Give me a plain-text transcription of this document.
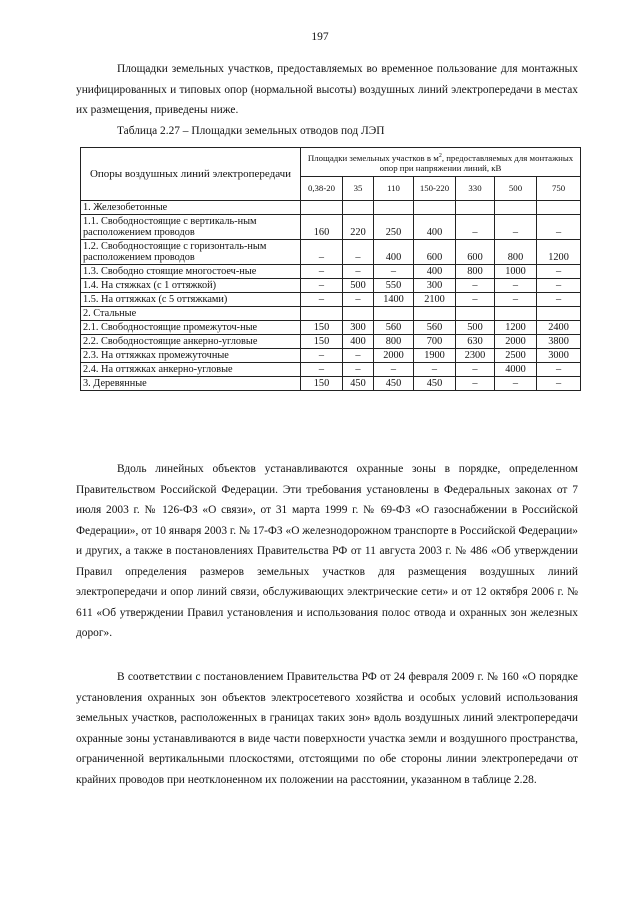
197

Площадки земельных участков, предоставляемых во временное пользование для монтажных унифицированных и типовых опор (нормальной высоты) воздушных линий электропередачи в местах их размещения, приведены ниже.

Таблица 2.27 – Площадки земельных отводов под ЛЭП
Опоры воздушных линий электропередачи	Площадки земельных участков в $м^2$, предоставляемых для монтажных опор при напряжении линий, кВ						
	0,38-20	35	110	150-220	330	500	750
1. Железобетонные							
1.1. Свободностоящие с вертикаль-ным расположением проводов	160	220	250	400	–	–	–
1.2. Свободностоящие с горизонталь-ным расположением проводов	–	–	400	600	600	800	1200
1.3. Свободно стоящие многостоеч-ные	–	–	–	400	800	1000	–
1.4. На стяжках (с 1 оттяжкой)	–	500	550	300	–	–	–
1.5. На оттяжках (с 5 оттяжками)	–	–	1400	2100	–	–	–
2. Стальные							
2.1. Свободностоящие промежуточ-ные	150	300	560	560	500	1200	2400
2.2. Свободностоящие анкерно-угловые	150	400	800	700	630	2000	3800
2.3. На оттяжках промежуточные	–	–	2000	1900	2300	2500	3000
2.4. На оттяжках анкерно-угловые	–	–	–	–	–	4000	–
3. Деревянные	150	450	450	450	–	–	–

Вдоль линейных объектов устанавливаются охранные зоны в порядке, определенном Правительством Российской Федерации. Эти требования установлены в Федеральных законах от 7 июля 2003 г. № 126-ФЗ «О связи», от 31 марта 1999 г. № 69-ФЗ «О газоснабжении в Российской Федерации», от 10 января 2003 г. № 17-ФЗ «О железнодорожном транспорте в Российской Федерации» и других, а также в постановлениях Правительства РФ от 11 августа 2003 г. № 486 «Об утверждении Правил определения размеров земельных участков для размещения воздушных линий электропередачи и опор линий связи, обслуживающих электрические сети» и от 12 октября 2006 г. № 611 «Об утверждении Правил установления и использования полос отвода и охранных зон железных дорог».

В соответствии с постановлением Правительства РФ от 24 февраля 2009 г. № 160 «О порядке установления охранных зон объектов электросетевого хозяйства и особых условий использования земельных участков, расположенных в границах таких зон» вдоль воздушных линий электропередачи охранные зоны устанавливаются в виде части поверхности участка земли и воздушного пространства, ограниченной вертикальными плоскостями, отстоящими по обе стороны линии электропередачи от крайних проводов при неотклоненном их положении на расстоянии, указанном в таблице 2.28.
